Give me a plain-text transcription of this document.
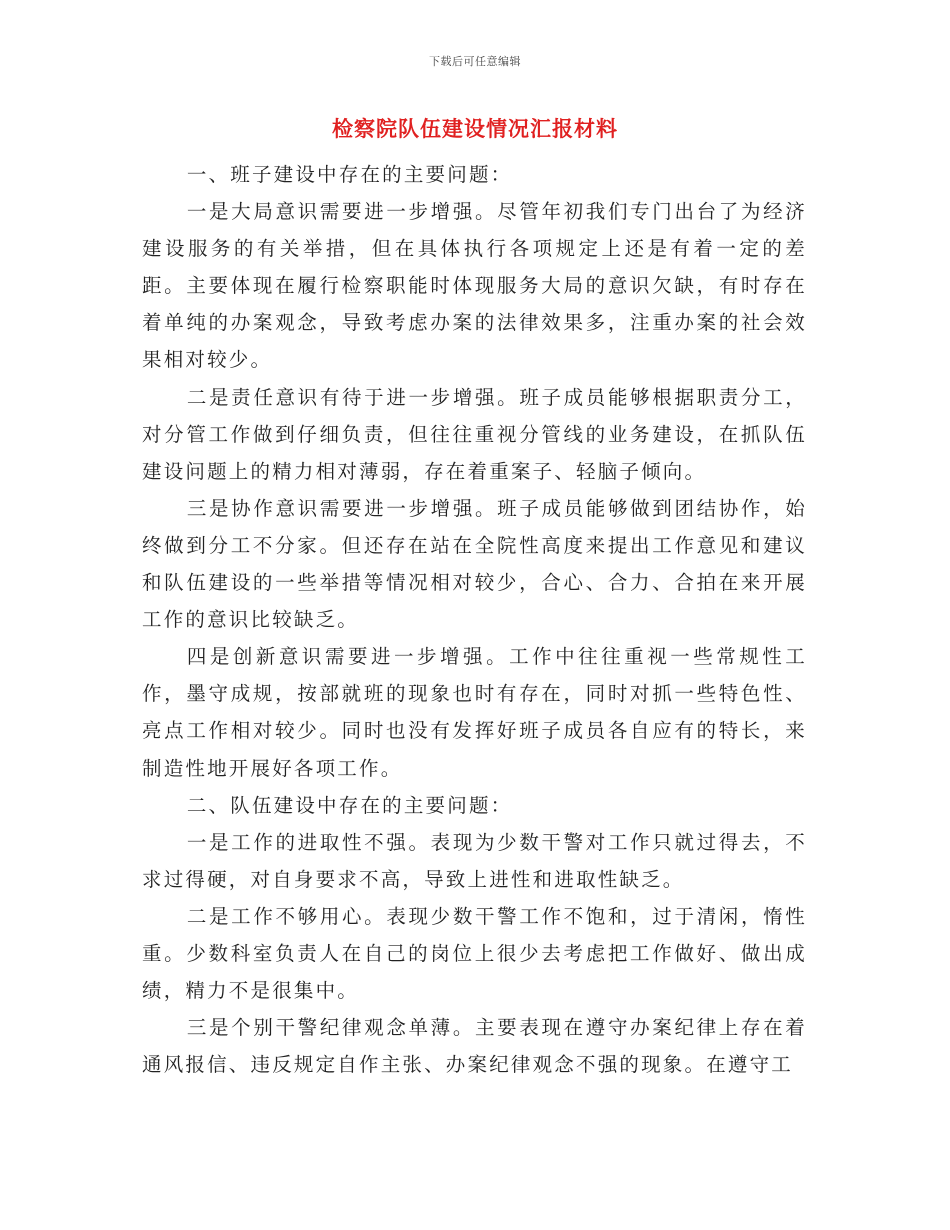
下载后可任意编辑
检察院队伍建设情况汇报材料

一、班子建设中存在的主要问题：

一是大局意识需要进一步增强。尽管年初我们专门出台了为经济建设服务的有关举措，但在具体执行各项规定上还是有着一定的差距。主要体现在履行检察职能时体现服务大局的意识欠缺，有时存在着单纯的办案观念，导致考虑办案的法律效果多，注重办案的社会效果相对较少。

二是责任意识有待于进一步增强。班子成员能够根据职责分工，对分管工作做到仔细负责，但往往重视分管线的业务建设，在抓队伍建设问题上的精力相对薄弱，存在着重案子、轻脑子倾向。

三是协作意识需要进一步增强。班子成员能够做到团结协作，始终做到分工不分家。但还存在站在全院性高度来提出工作意见和建议和队伍建设的一些举措等情况相对较少，合心、合力、合拍在来开展工作的意识比较缺乏。

四是创新意识需要进一步增强。工作中往往重视一些常规性工作，墨守成规，按部就班的现象也时有存在，同时对抓一些特色性、亮点工作相对较少。同时也没有发挥好班子成员各自应有的特长，来制造性地开展好各项工作。

二、队伍建设中存在的主要问题：

一是工作的进取性不强。表现为少数干警对工作只就过得去，不求过得硬，对自身要求不高，导致上进性和进取性缺乏。

二是工作不够用心。表现少数干警工作不饱和，过于清闲，惰性重。少数科室负责人在自己的岗位上很少去考虑把工作做好、做出成绩，精力不是很集中。

三是个别干警纪律观念单薄。主要表现在遵守办案纪律上存在着通风报信、违反规定自作主张、办案纪律观念不强的现象。在遵守工
